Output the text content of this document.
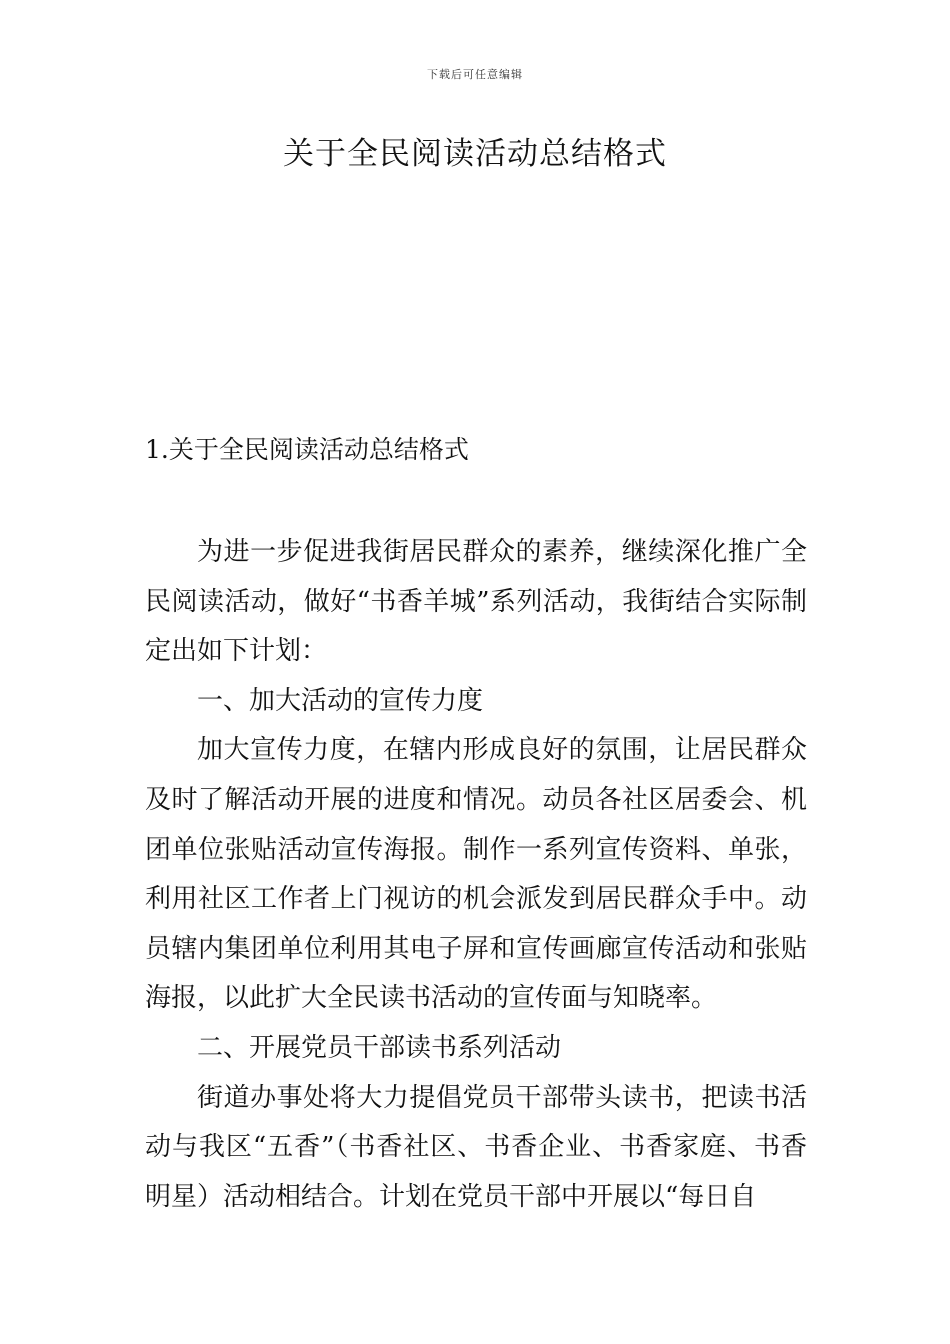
下载后可任意编辑
关于全民阅读活动总结格式
1.关于全民阅读活动总结格式

为进一步促进我街居民群众的素养，继续深化推广全民阅读活动，做好“书香羊城”系列活动，我街结合实际制定出如下计划：

一、加大活动的宣传力度

加大宣传力度，在辖内形成良好的氛围，让居民群众及时了解活动开展的进度和情况。动员各社区居委会、机团单位张贴活动宣传海报。制作一系列宣传资料、单张，利用社区工作者上门视访的机会派发到居民群众手中。动员辖内集团单位利用其电子屏和宣传画廊宣传活动和张贴海报，以此扩大全民读书活动的宣传面与知晓率。

二、开展党员干部读书系列活动

街道办事处将大力提倡党员干部带头读书，把读书活动与我区“五香”（书香社区、书香企业、书香家庭、书香明星）活动相结合。计划在党员干部中开展以“每日自
